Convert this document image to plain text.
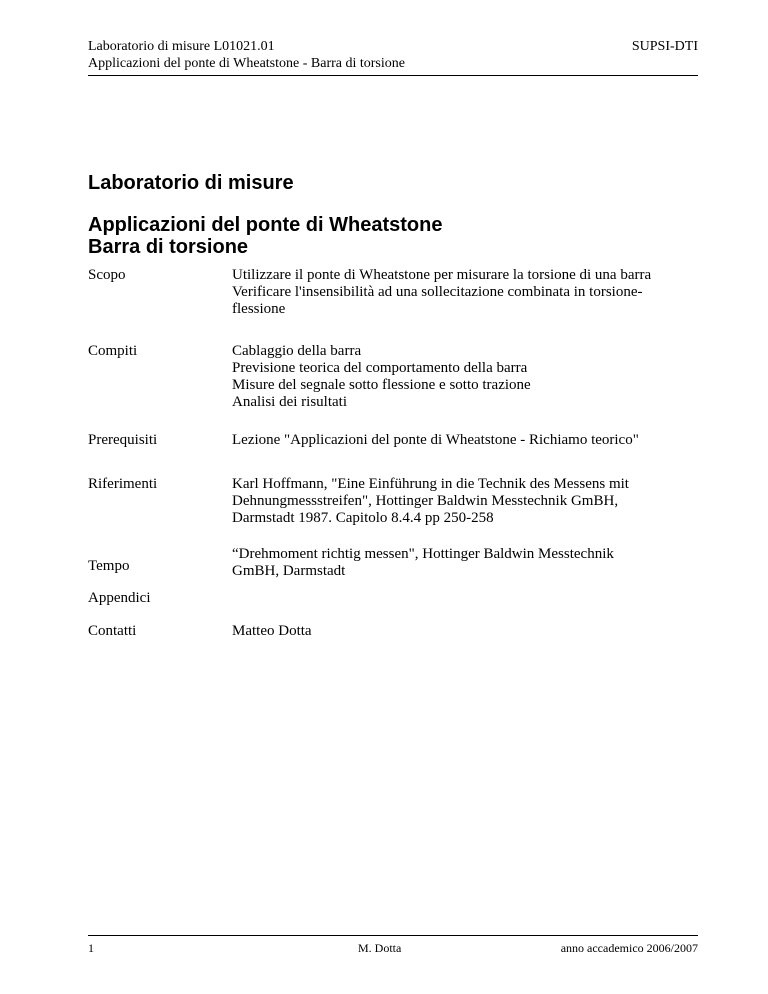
Laboratorio di misure L01021.01
Applicazioni del ponte di Wheatstone - Barra di torsione
SUPSI-DTI
Laboratorio di misure
Applicazioni del ponte di Wheatstone
Barra di torsione
Scopo	Utilizzare il ponte di Wheatstone per misurare la torsione di una barra
Verificare l'insensibilità ad una sollecitazione combinata in torsione-
flessione
Compiti	Cablaggio della barra
Previsione teorica del comportamento della barra
Misure del segnale sotto flessione e sotto trazione
Analisi dei risultati
Prerequisiti	Lezione "Applicazioni del ponte di Wheatstone - Richiamo teorico"
Riferimenti	Karl Hoffmann, "Eine Einführung in die Technik des Messens mit
Dehnungmessstreifen", Hottinger Baldwin Messtechnik GmBH,
Darmstadt 1987. Capitolo 8.4.4 pp 250-258
“Drehmoment richtig messen", Hottinger Baldwin Messtechnik
GmBH, Darmstadt
Tempo
Appendici
Contatti	Matteo Dotta
1	M. Dotta	anno accademico 2006/2007
